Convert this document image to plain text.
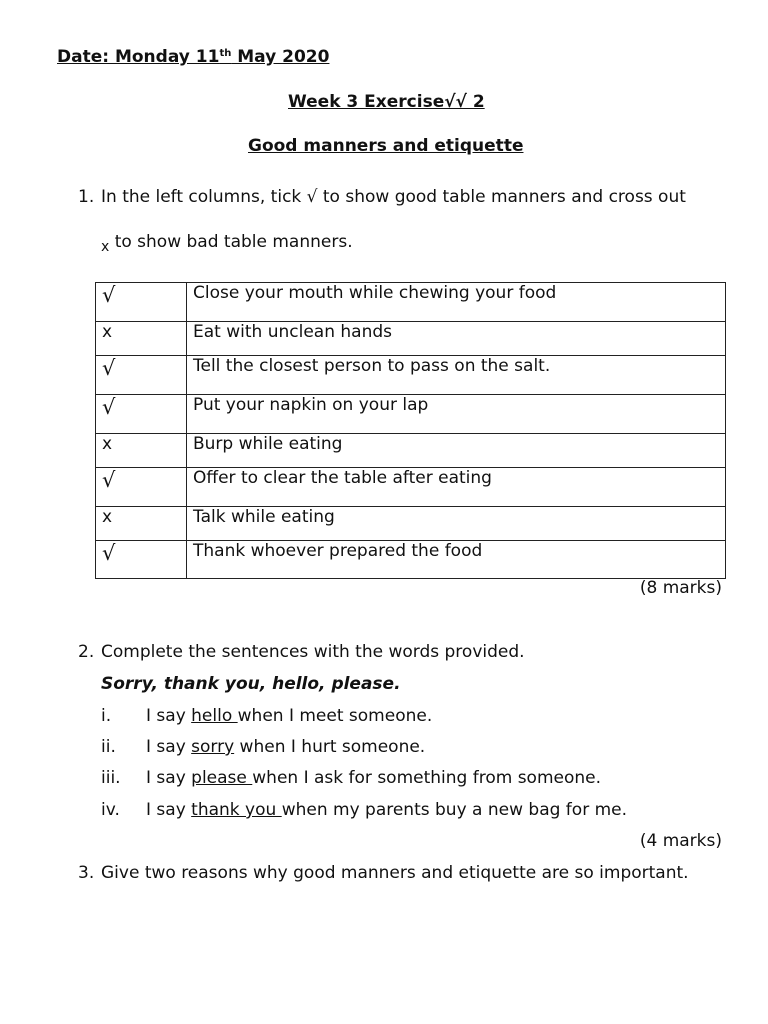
Date: Monday 11th May 2020
Week 3 Exercise√√ 2
Good manners and etiquette
1. In the left columns, tick √ to show good table manners and cross out
$_x$ to show bad table manners.
√	Close your mouth while chewing your food
x	Eat with unclean hands
√	Tell the closest person to pass on the salt.
√	Put your napkin on your lap
x	Burp while eating
√	Offer to clear the table after eating
x	Talk while eating
√	Thank whoever prepared the food
(8 marks)
2. Complete the sentences with the words provided.
Sorry, thank you, hello, please.
i. I say hello when I meet someone.
ii. I say sorry when I hurt someone.
iii. I say please when I ask for something from someone.
iv. I say thank you when my parents buy a new bag for me.
(4 marks)
3. Give two reasons why good manners and etiquette are so important.
